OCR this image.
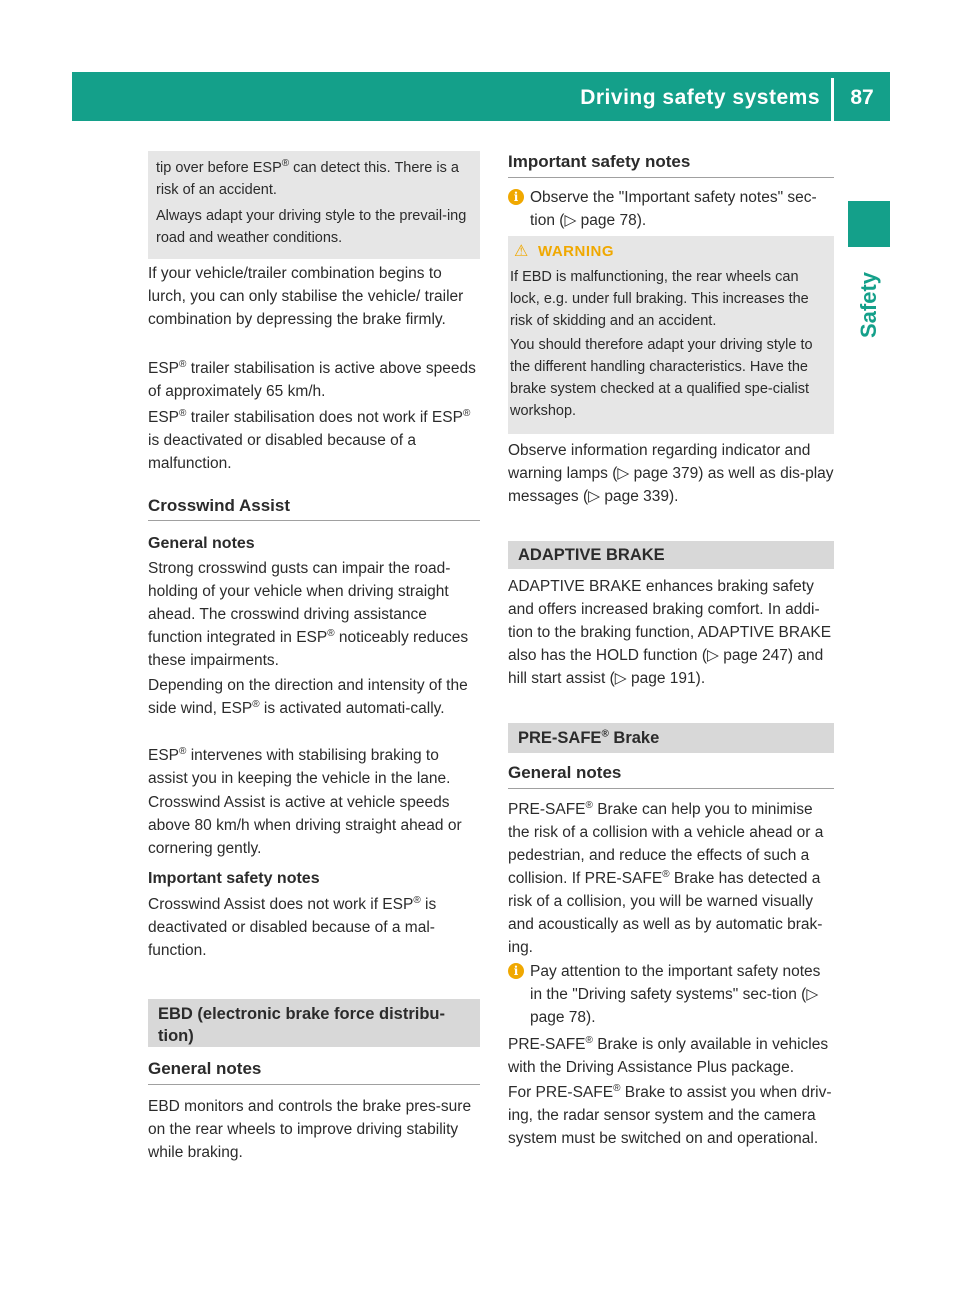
Driving safety systems	87
Safety

tip over before ESP® can detect this. There is a risk of an accident.

Always adapt your driving style to the prevail-ing road and weather conditions.

If your vehicle/trailer combination begins to lurch, you can only stabilise the vehicle/ trailer combination by depressing the brake firmly.

ESP® trailer stabilisation is active above speeds of approximately 65 km/h.

ESP® trailer stabilisation does not work if ESP® is deactivated or disabled because of a malfunction.

Crosswind Assist
General notes

Strong crosswind gusts can impair the road-holding of your vehicle when driving straight ahead. The crosswind driving assistance function integrated in ESP® noticeably reduces these impairments.

Depending on the direction and intensity of the side wind, ESP® is activated automati-cally.

ESP® intervenes with stabilising braking to assist you in keeping the vehicle in the lane.

Crosswind Assist is active at vehicle speeds above 80 km/h when driving straight ahead or cornering gently.

Important safety notes

Crosswind Assist does not work if ESP® is deactivated or disabled because of a mal-function.

EBD (electronic brake force distribu-
tion)
General notes

EBD monitors and controls the brake pres-sure on the rear wheels to improve driving stability while braking.

Important safety notes
i Observe the "Important safety notes" sec-tion (▷ page 78).

⚠ WARNING

If EBD is malfunctioning, the rear wheels can lock, e.g. under full braking. This increases the risk of skidding and an accident.

You should therefore adapt your driving style to the different handling characteristics. Have the brake system checked at a qualified spe-cialist workshop.

Observe information regarding indicator and warning lamps (▷ page 379) as well as dis-play messages (▷ page 339).

ADAPTIVE BRAKE

ADAPTIVE BRAKE enhances braking safety and offers increased braking comfort. In addi-tion to the braking function, ADAPTIVE BRAKE also has the HOLD function (▷ page 247) and hill start assist (▷ page 191).

PRE-SAFE® Brake
General notes

PRE-SAFE® Brake can help you to minimise the risk of a collision with a vehicle ahead or a pedestrian, and reduce the effects of such a collision. If PRE-SAFE® Brake has detected a risk of a collision, you will be warned visually and acoustically as well as by automatic brak-ing.

i Pay attention to the important safety notes in the "Driving safety systems" sec-tion (▷ page 78).

PRE-SAFE® Brake is only available in vehicles with the Driving Assistance Plus package.

For PRE-SAFE® Brake to assist you when driv-ing, the radar sensor system and the camera system must be switched on and operational.
